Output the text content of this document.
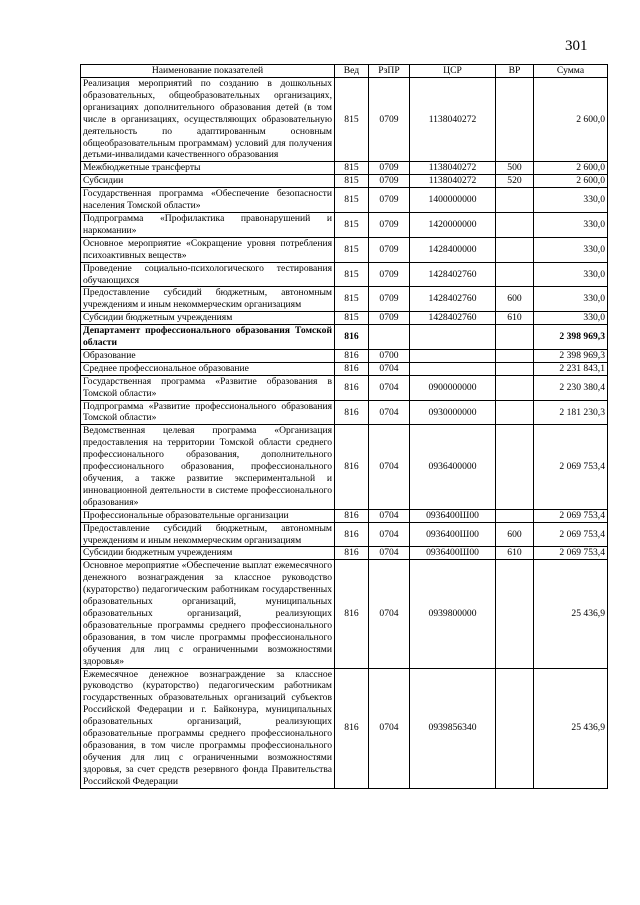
301
Наименование показателей	Вед	РзПР	ЦСР	ВР	Сумма
Реализация мероприятий по созданию в дошкольных образовательных, общеобразовательных организациях, организациях дополнительного образования детей (в том числе в организациях, осуществляющих образовательную деятельность по адаптированным основным общеобразовательным программам) условий для получения детьми-инвалидами качественного образования	815	0709	1138040272		2 600,0
Межбюджетные трансферты	815	0709	1138040272	500	2 600,0
Субсидии	815	0709	1138040272	520	2 600,0
Государственная программа «Обеспечение безопасности населения Томской области»	815	0709	1400000000		330,0
Подпрограмма «Профилактика правонарушений и наркомании»	815	0709	1420000000		330,0
Основное мероприятие «Сокращение уровня потребления психоактивных веществ»	815	0709	1428400000		330,0
Проведение социально-психологического тестирования обучающихся	815	0709	1428402760		330,0
Предоставление субсидий бюджетным, автономным учреждениям и иным некоммерческим организациям	815	0709	1428402760	600	330,0
Субсидии бюджетным учреждениям	815	0709	1428402760	610	330,0
Департамент профессионального образования Томской области	816				2 398 969,3
Образование	816	0700			2 398 969,3
Среднее профессиональное образование	816	0704			2 231 843,1
Государственная программа «Развитие образования в Томской области»	816	0704	0900000000		2 230 380,4
Подпрограмма «Развитие профессионального образования Томской области»	816	0704	0930000000		2 181 230,3
Ведомственная целевая программа «Организация предоставления на территории Томской области среднего профессионального образования, дополнительного профессионального образования, профессионального обучения, а также развитие экспериментальной и инновационной деятельности в системе профессионального образования»	816	0704	0936400000		2 069 753,4
Профессиональные образовательные организации	816	0704	0936400Ш00		2 069 753,4
Предоставление субсидий бюджетным, автономным учреждениям и иным некоммерческим организациям	816	0704	0936400Ш00	600	2 069 753,4
Субсидии бюджетным учреждениям	816	0704	0936400Ш00	610	2 069 753,4
Основное мероприятие «Обеспечение выплат ежемесячного денежного вознаграждения за классное руководство (кураторство) педагогическим работникам государственных образовательных организаций, муниципальных образовательных организаций, реализующих образовательные программы среднего профессионального образования, в том числе программы профессионального обучения для лиц с ограниченными возможностями здоровья»	816	0704	0939800000		25 436,9
Ежемесячное денежное вознаграждение за классное руководство (кураторство) педагогическим работникам государственных образовательных организаций субъектов Российской Федерации и г. Байконура, муниципальных образовательных организаций, реализующих образовательные программы среднего профессионального образования, в том числе программы профессионального обучения для лиц с ограниченными возможностями здоровья, за счет средств резервного фонда Правительства Российской Федерации	816	0704	0939856340		25 436,9
